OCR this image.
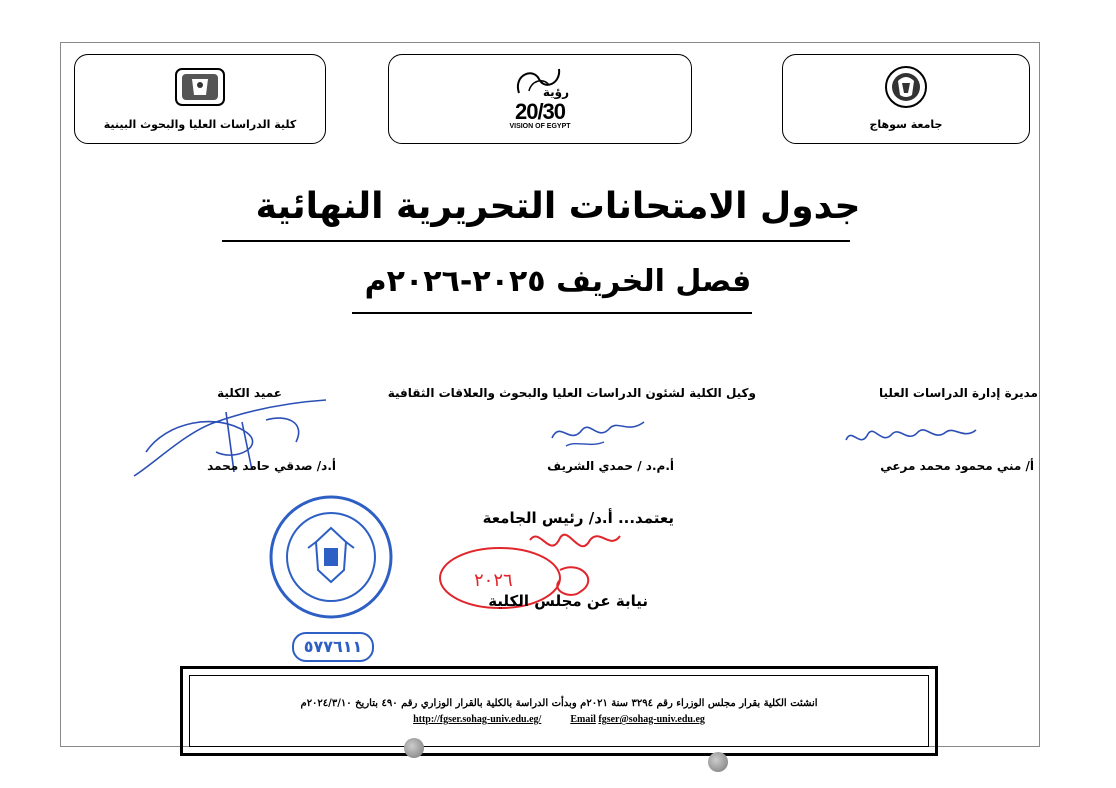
جامعة سوهاج
رؤية
20/30
VISION OF EGYPT
كلية الدراسات العليا والبحوث البينية
جدول الامتحانات التحريرية النهائية
فصل الخريف ٢٠٢٥-٢٠٢٦م
مديرة إدارة الدراسات العليا
أ/ مني محمود محمد مرعي
وكيل الكلية لشئون الدراسات العليا والبحوث والعلاقات الثقافية
أ.م.د / حمدي الشريف
عميد الكلية
أ.د/ صدقي حامد محمد
يعتمد... أ.د/ رئيس الجامعة
٢٠٢٦
نيابة عن مجلس الكلية
٥٧٧٦١١
انشئت الكلية بقرار مجلس الوزراء رقم ٣٢٩٤ سنة ٢٠٢١م وبدأت الدراسة بالكلية بالقرار الوزاري رقم ٤٩٠ بتاريخ ٢٠٢٤/٣/١٠م
http://fgser.sohag-univ.edu.eg/	Email fgser@sohag-univ.edu.eg
